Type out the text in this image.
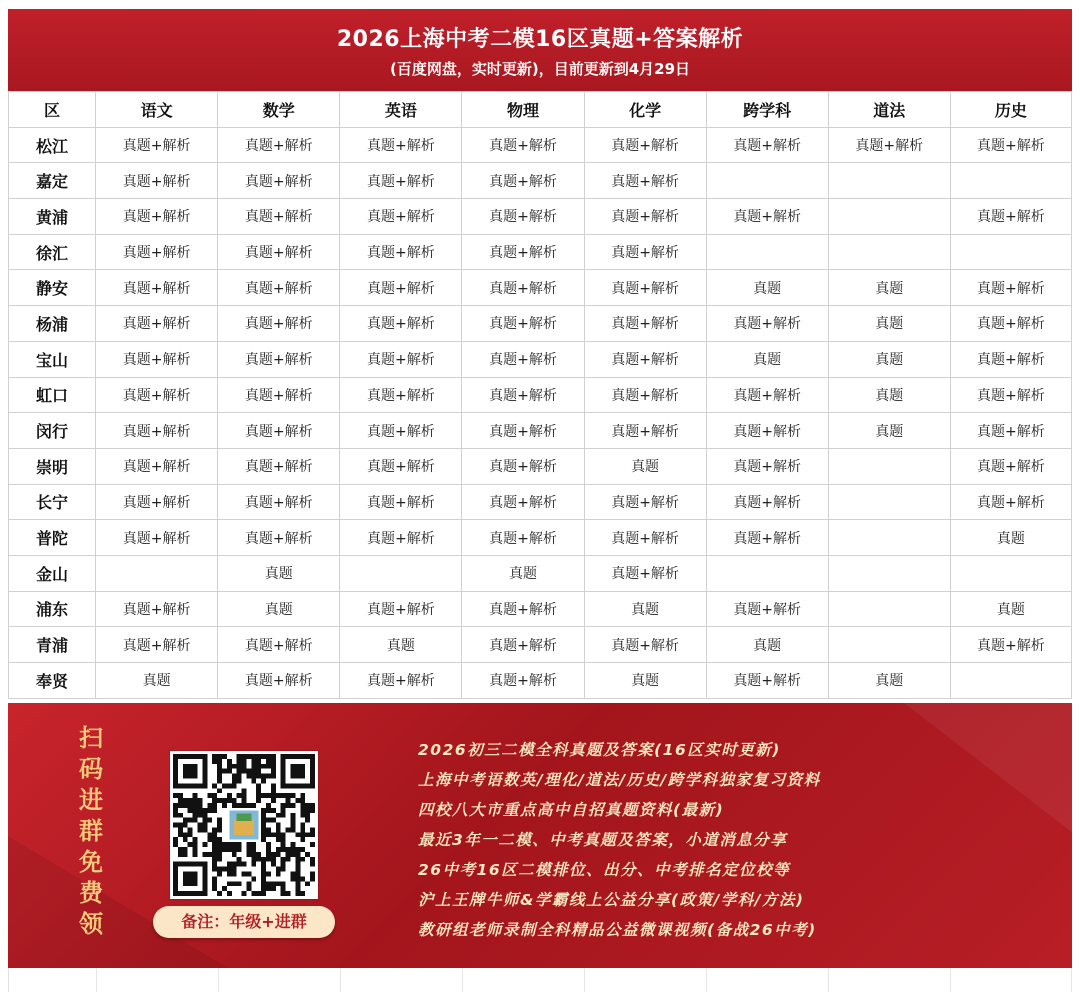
2026上海中考二模16区真题+答案解析
(百度网盘，实时更新)，目前更新到4月29日
区	语文	数学	英语	物理	化学	跨学科	道法	历史
松江	真题+解析	真题+解析	真题+解析	真题+解析	真题+解析	真题+解析	真题+解析	真题+解析
嘉定	真题+解析	真题+解析	真题+解析	真题+解析	真题+解析			
黄浦	真题+解析	真题+解析	真题+解析	真题+解析	真题+解析	真题+解析		真题+解析
徐汇	真题+解析	真题+解析	真题+解析	真题+解析	真题+解析			
静安	真题+解析	真题+解析	真题+解析	真题+解析	真题+解析	真题	真题	真题+解析
杨浦	真题+解析	真题+解析	真题+解析	真题+解析	真题+解析	真题+解析	真题	真题+解析
宝山	真题+解析	真题+解析	真题+解析	真题+解析	真题+解析	真题	真题	真题+解析
虹口	真题+解析	真题+解析	真题+解析	真题+解析	真题+解析	真题+解析	真题	真题+解析
闵行	真题+解析	真题+解析	真题+解析	真题+解析	真题+解析	真题+解析	真题	真题+解析
崇明	真题+解析	真题+解析	真题+解析	真题+解析	真题	真题+解析		真题+解析
长宁	真题+解析	真题+解析	真题+解析	真题+解析	真题+解析	真题+解析		真题+解析
普陀	真题+解析	真题+解析	真题+解析	真题+解析	真题+解析	真题+解析		真题
金山		真题		真题	真题+解析			
浦东	真题+解析	真题	真题+解析	真题+解析	真题	真题+解析		真题
青浦	真题+解析	真题+解析	真题	真题+解析	真题+解析	真题		真题+解析
奉贤	真题	真题+解析	真题+解析	真题+解析	真题	真题+解析	真题	
扫
码
进
群
免
费
领	备注：年级+进群
2026初三二模全科真题及答案(16区实时更新)
上海中考语数英/理化/道法/历史/跨学科独家复习资料
四校八大市重点高中自招真题资料(最新)
最近3年一二模、中考真题及答案，小道消息分享
26中考16区二模排位、出分、中考排名定位校等
沪上王牌牛师&学霸线上公益分享(政策/学科/方法)
教研组老师录制全科精品公益微课视频(备战26中考)
